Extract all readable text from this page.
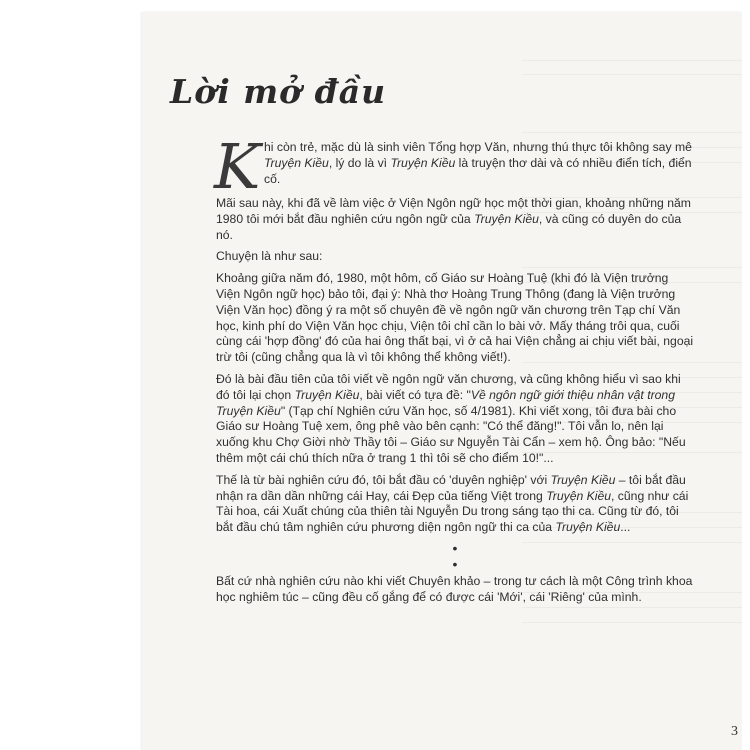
Lời mở đầu

K hi còn trẻ, mặc dù là sinh viên Tổng hợp Văn, nhưng thú thực tôi không say mê Truyện Kiều, lý do là vì Truyện Kiều là truyện thơ dài và có nhiều điển tích, điển cố.

Mãi sau này, khi đã về làm việc ở Viện Ngôn ngữ học một thời gian, khoảng những năm 1980 tôi mới bắt đầu nghiên cứu ngôn ngữ của Truyện Kiều, và cũng có duyên do của nó.

Chuyện là như sau:

Khoảng giữa năm đó, 1980, một hôm, cố Giáo sư Hoàng Tuệ (khi đó là Viện trưởng Viện Ngôn ngữ học) bảo tôi, đại ý: Nhà thơ Hoàng Trung Thông (đang là Viện trưởng Viện Văn học) đồng ý ra một số chuyên đề về ngôn ngữ văn chương trên Tạp chí Văn học, kinh phí do Viện Văn học chịu, Viện tôi chỉ cần lo bài vở. Mấy tháng trôi qua, cuối cùng cái 'hợp đồng' đó của hai ông thất bại, vì ở cả hai Viện chẳng ai chịu viết bài, ngoại trừ tôi (cũng chẳng qua là vì tôi không thể không viết!).

Đó là bài đầu tiên của tôi viết về ngôn ngữ văn chương, và cũng không hiểu vì sao khi đó tôi lại chọn Truyện Kiều, bài viết có tựa đề: "Về ngôn ngữ giới thiệu nhân vật trong Truyện Kiều" (Tạp chí Nghiên cứu Văn học, số 4/1981). Khi viết xong, tôi đưa bài cho Giáo sư Hoàng Tuệ xem, ông phê vào bên cạnh: "Có thể đăng!". Tôi vẫn lo, nên lại xuống khu Chợ Giời nhờ Thầy tôi – Giáo sư Nguyễn Tài Cẩn – xem hộ. Ông bảo: "Nếu thêm một cái chú thích nữa ở trang 1 thì tôi sẽ cho điểm 10!"...

Thế là từ bài nghiên cứu đó, tôi bắt đầu có 'duyên nghiệp' với Truyện Kiều – tôi bắt đầu nhận ra dần dần những cái Hay, cái Đẹp của tiếng Việt trong Truyện Kiều, cũng như cái Tài hoa, cái Xuất chúng của thiên tài Nguyễn Du trong sáng tạo thi ca. Cũng từ đó, tôi bắt đầu chú tâm nghiên cứu phương diện ngôn ngữ thi ca của Truyện Kiều...

•
•

Bất cứ nhà nghiên cứu nào khi viết Chuyên khảo – trong tư cách là một Công trình khoa học nghiêm túc – cũng đều cố gắng để có được cái 'Mới', cái 'Riêng' của mình.

3
